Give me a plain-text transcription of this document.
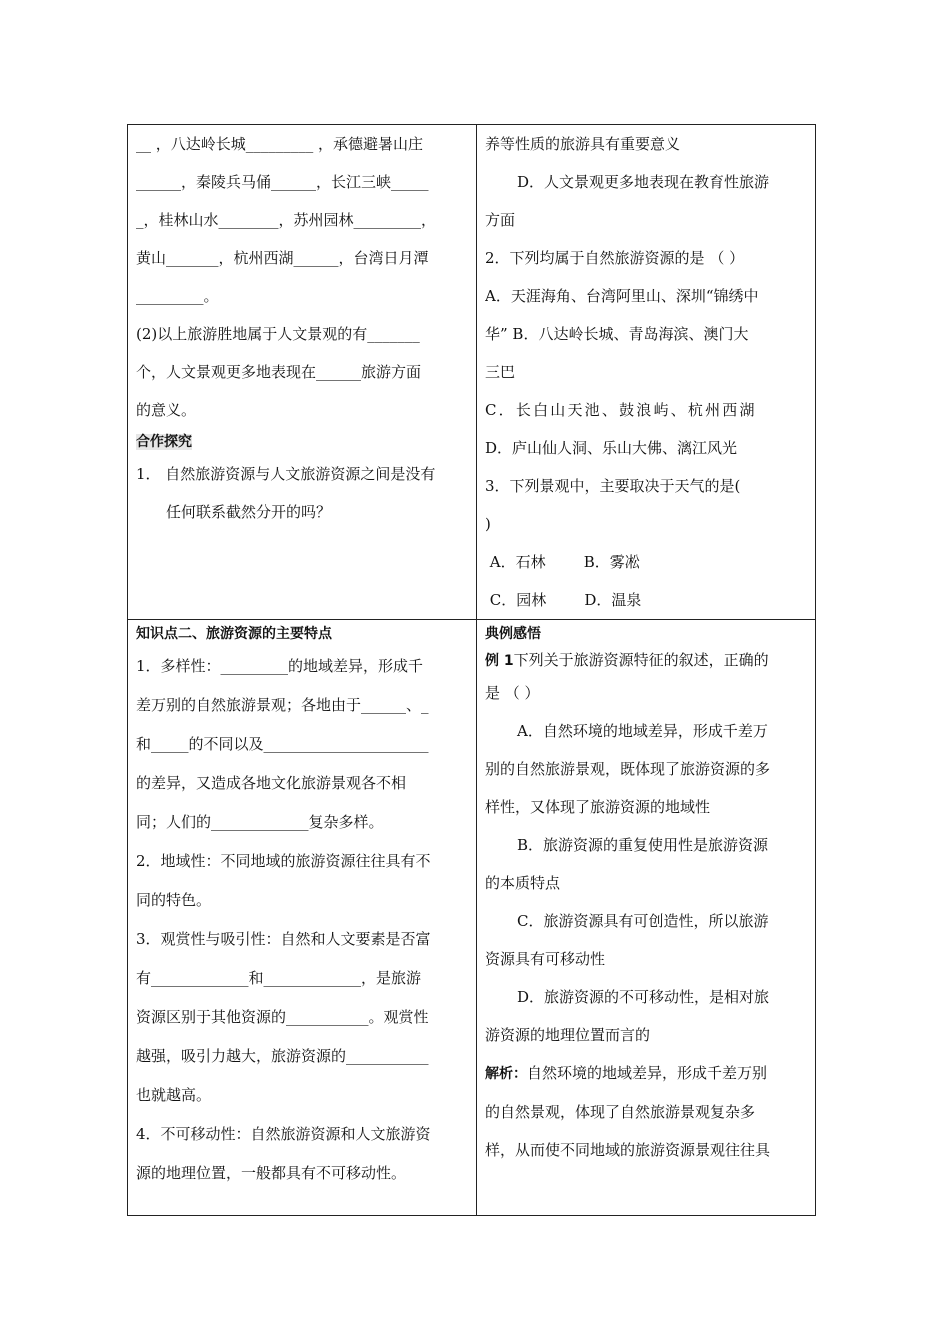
__ ，八达岭长城_________ ，承德避暑山庄
______，秦陵兵马俑______，长江三峡_____
_，桂林山水________，苏州园林_________，
黄山_______，杭州西湖______，台湾日月潭
_________。
(2)以上旅游胜地属于人文景观的有_______
个，人文景观更多地表现在______旅游方面
的意义。
合作探究
1． 自然旅游资源与人文旅游资源之间是没有
任何联系截然分开的吗？
养等性质的旅游具有重要意义
D．人文景观更多地表现在教育性旅游
方面
2．下列均属于自然旅游资源的是 （ ）
A．天涯海角、台湾阿里山、深圳“锦绣中
华” B．八达岭长城、青岛海滨、澳门大
三巴
C．长白山天池、鼓浪屿、杭州西湖
D．庐山仙人洞、乐山大佛、漓江风光
3．下列景观中，主要取决于天气的是(
)
A．石林        B．雾凇
C．园林        D．温泉
知识点二、旅游资源的主要特点
1．多样性：_________的地域差异，形成千
差万别的自然旅游景观；各地由于______、_
和_____的不同以及______________________
的差异，又造成各地文化旅游景观各不相
同；人们的_____________复杂多样。
2．地域性：不同地域的旅游资源往往具有不
同的特色。
3．观赏性与吸引性：自然和人文要素是否富
有_____________和_____________，是旅游
资源区别于其他资源的___________。观赏性
越强，吸引力越大，旅游资源的___________
也就越高。
4．不可移动性：自然旅游资源和人文旅游资
源的地理位置，一般都具有不可移动性。
典例感悟
例 1下列关于旅游资源特征的叙述，正确的
是 （ ）
A．自然环境的地域差异，形成千差万
别的自然旅游景观，既体现了旅游资源的多
样性，又体现了旅游资源的地域性
B．旅游资源的重复使用性是旅游资源
的本质特点
C．旅游资源具有可创造性，所以旅游
资源具有可移动性
D．旅游资源的不可移动性，是相对旅
游资源的地理位置而言的
解析：自然环境的地域差异，形成千差万别
的自然景观，体现了自然旅游景观复杂多
样，从而使不同地域的旅游资源景观往往具
